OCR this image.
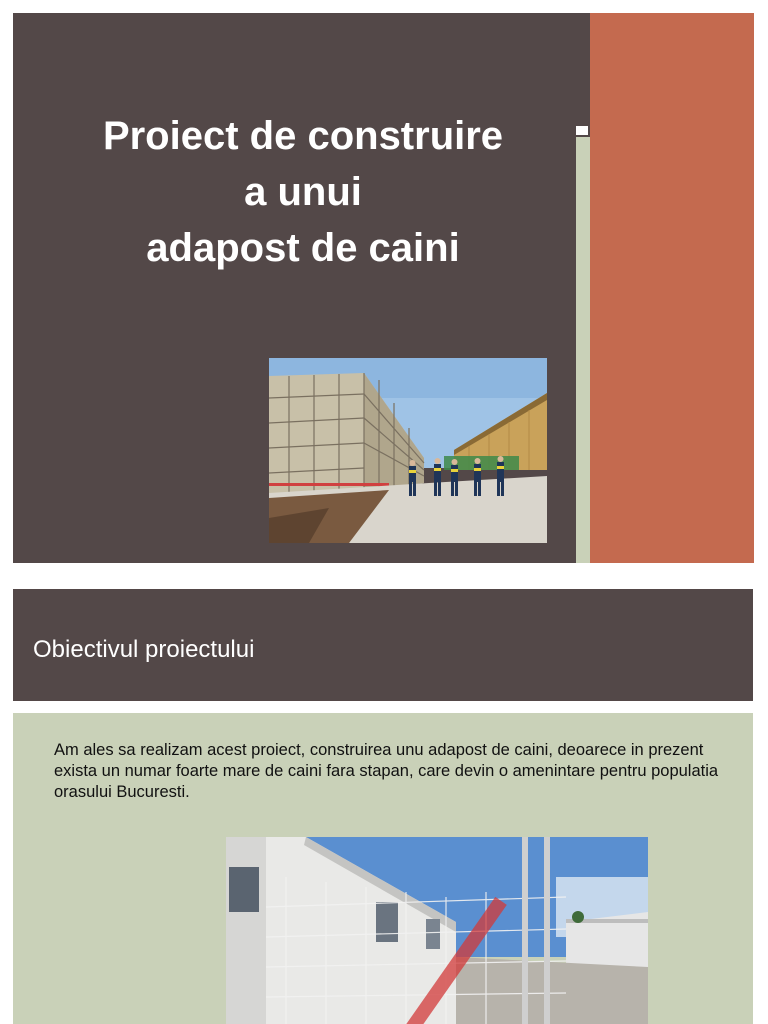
Proiect de construire
a unui
adapost de caini
Obiectivul proiectului

Am ales sa realizam acest proiect, construirea unu adapost de caini, deoarece in prezent exista un numar foarte mare de caini fara stapan, care devin o amenintare pentru populatia orasului Bucuresti.
